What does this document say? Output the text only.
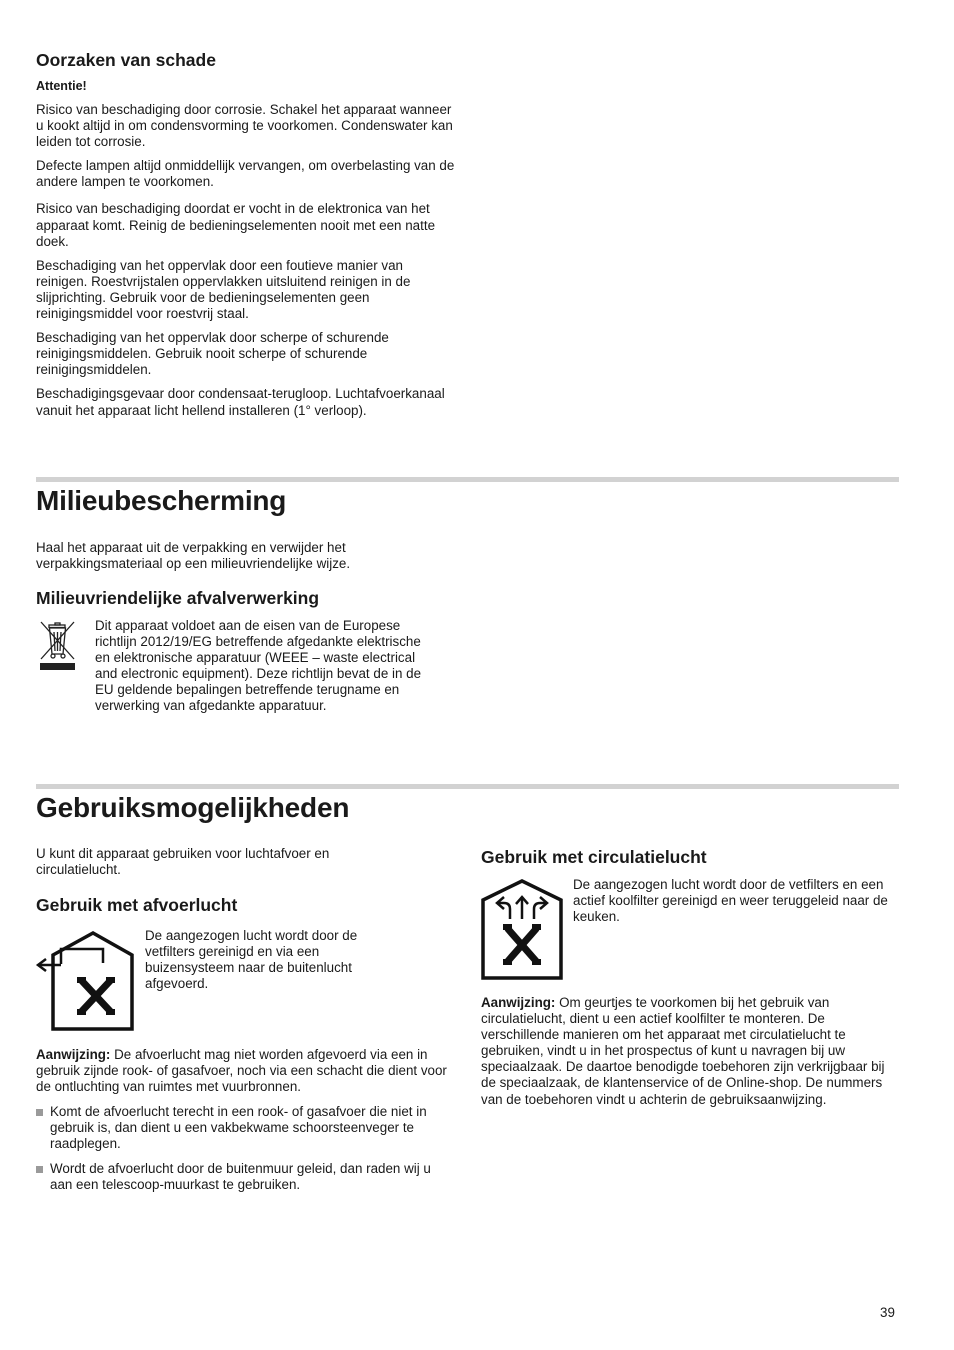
Oorzaken van schade
Attentie!

Risico van beschadiging door corrosie. Schakel het apparaat wanneer u kookt altijd in om condensvorming te voorkomen. Condenswater kan leiden tot corrosie.

Defecte lampen altijd onmiddellijk vervangen, om overbelasting van de andere lampen te voorkomen.

Risico van beschadiging doordat er vocht in de elektronica van het apparaat komt. Reinig de bedieningselementen nooit met een natte doek.

Beschadiging van het oppervlak door een foutieve manier van reinigen. Roestvrijstalen oppervlakken uitsluitend reinigen in de slijprichting. Gebruik voor de bedieningselementen geen reinigingsmiddel voor roestvrij staal.

Beschadiging van het oppervlak door scherpe of schurende reinigingsmiddelen. Gebruik nooit scherpe of schurende reinigingsmiddelen.

Beschadigingsgevaar door condensaat-terugloop. Luchtafvoerkanaal vanuit het apparaat licht hellend installeren (1° verloop).

Milieubescherming
Haal het apparaat uit de verpakking en verwijder het verpakkingsmateriaal op een milieuvriendelijke wijze.
Milieuvriendelijke afvalverwerking
Dit apparaat voldoet aan de eisen van de Europese richtlijn 2012/19/EG betreffende afgedankte elektrische en elektronische apparatuur (WEEE – waste electrical and electronic equipment). Deze richtlijn bevat de in de EU geldende bepalingen betreffende terugname en verwerking van afgedankte apparatuur.
Gebruiksmogelijkheden
U kunt dit apparaat gebruiken voor luchtafvoer en circulatielucht.
Gebruik met afvoerlucht
De aangezogen lucht wordt door de vetfilters gereinigd en via een buizensysteem naar de buitenlucht afgevoerd.
Aanwijzing: De afvoerlucht mag niet worden afgevoerd via een in gebruik zijnde rook- of gasafvoer, noch via een schacht die dient voor de ontluchting van ruimtes met vuurbronnen.
Komt de afvoerlucht terecht in een rook- of gasafvoer die niet in gebruik is, dan dient u een vakbekwame schoorsteenveger te raadplegen.
Wordt de afvoerlucht door de buitenmuur geleid, dan raden wij u aan een telescoop-muurkast te gebruiken.
Gebruik met circulatielucht
De aangezogen lucht wordt door de vetfilters en een actief koolfilter gereinigd en weer teruggeleid naar de keuken.
Aanwijzing: Om geurtjes te voorkomen bij het gebruik van circulatielucht, dient u een actief koolfilter te monteren. De verschillende manieren om het apparaat met circulatielucht te gebruiken, vindt u in het prospectus of kunt u navragen bij uw speciaalzaak. De daartoe benodigde toebehoren zijn verkrijgbaar bij de speciaalzaak, de klantenservice of de Online-shop. De nummers van de toebehoren vindt u achterin de gebruiksaanwijzing.
39
